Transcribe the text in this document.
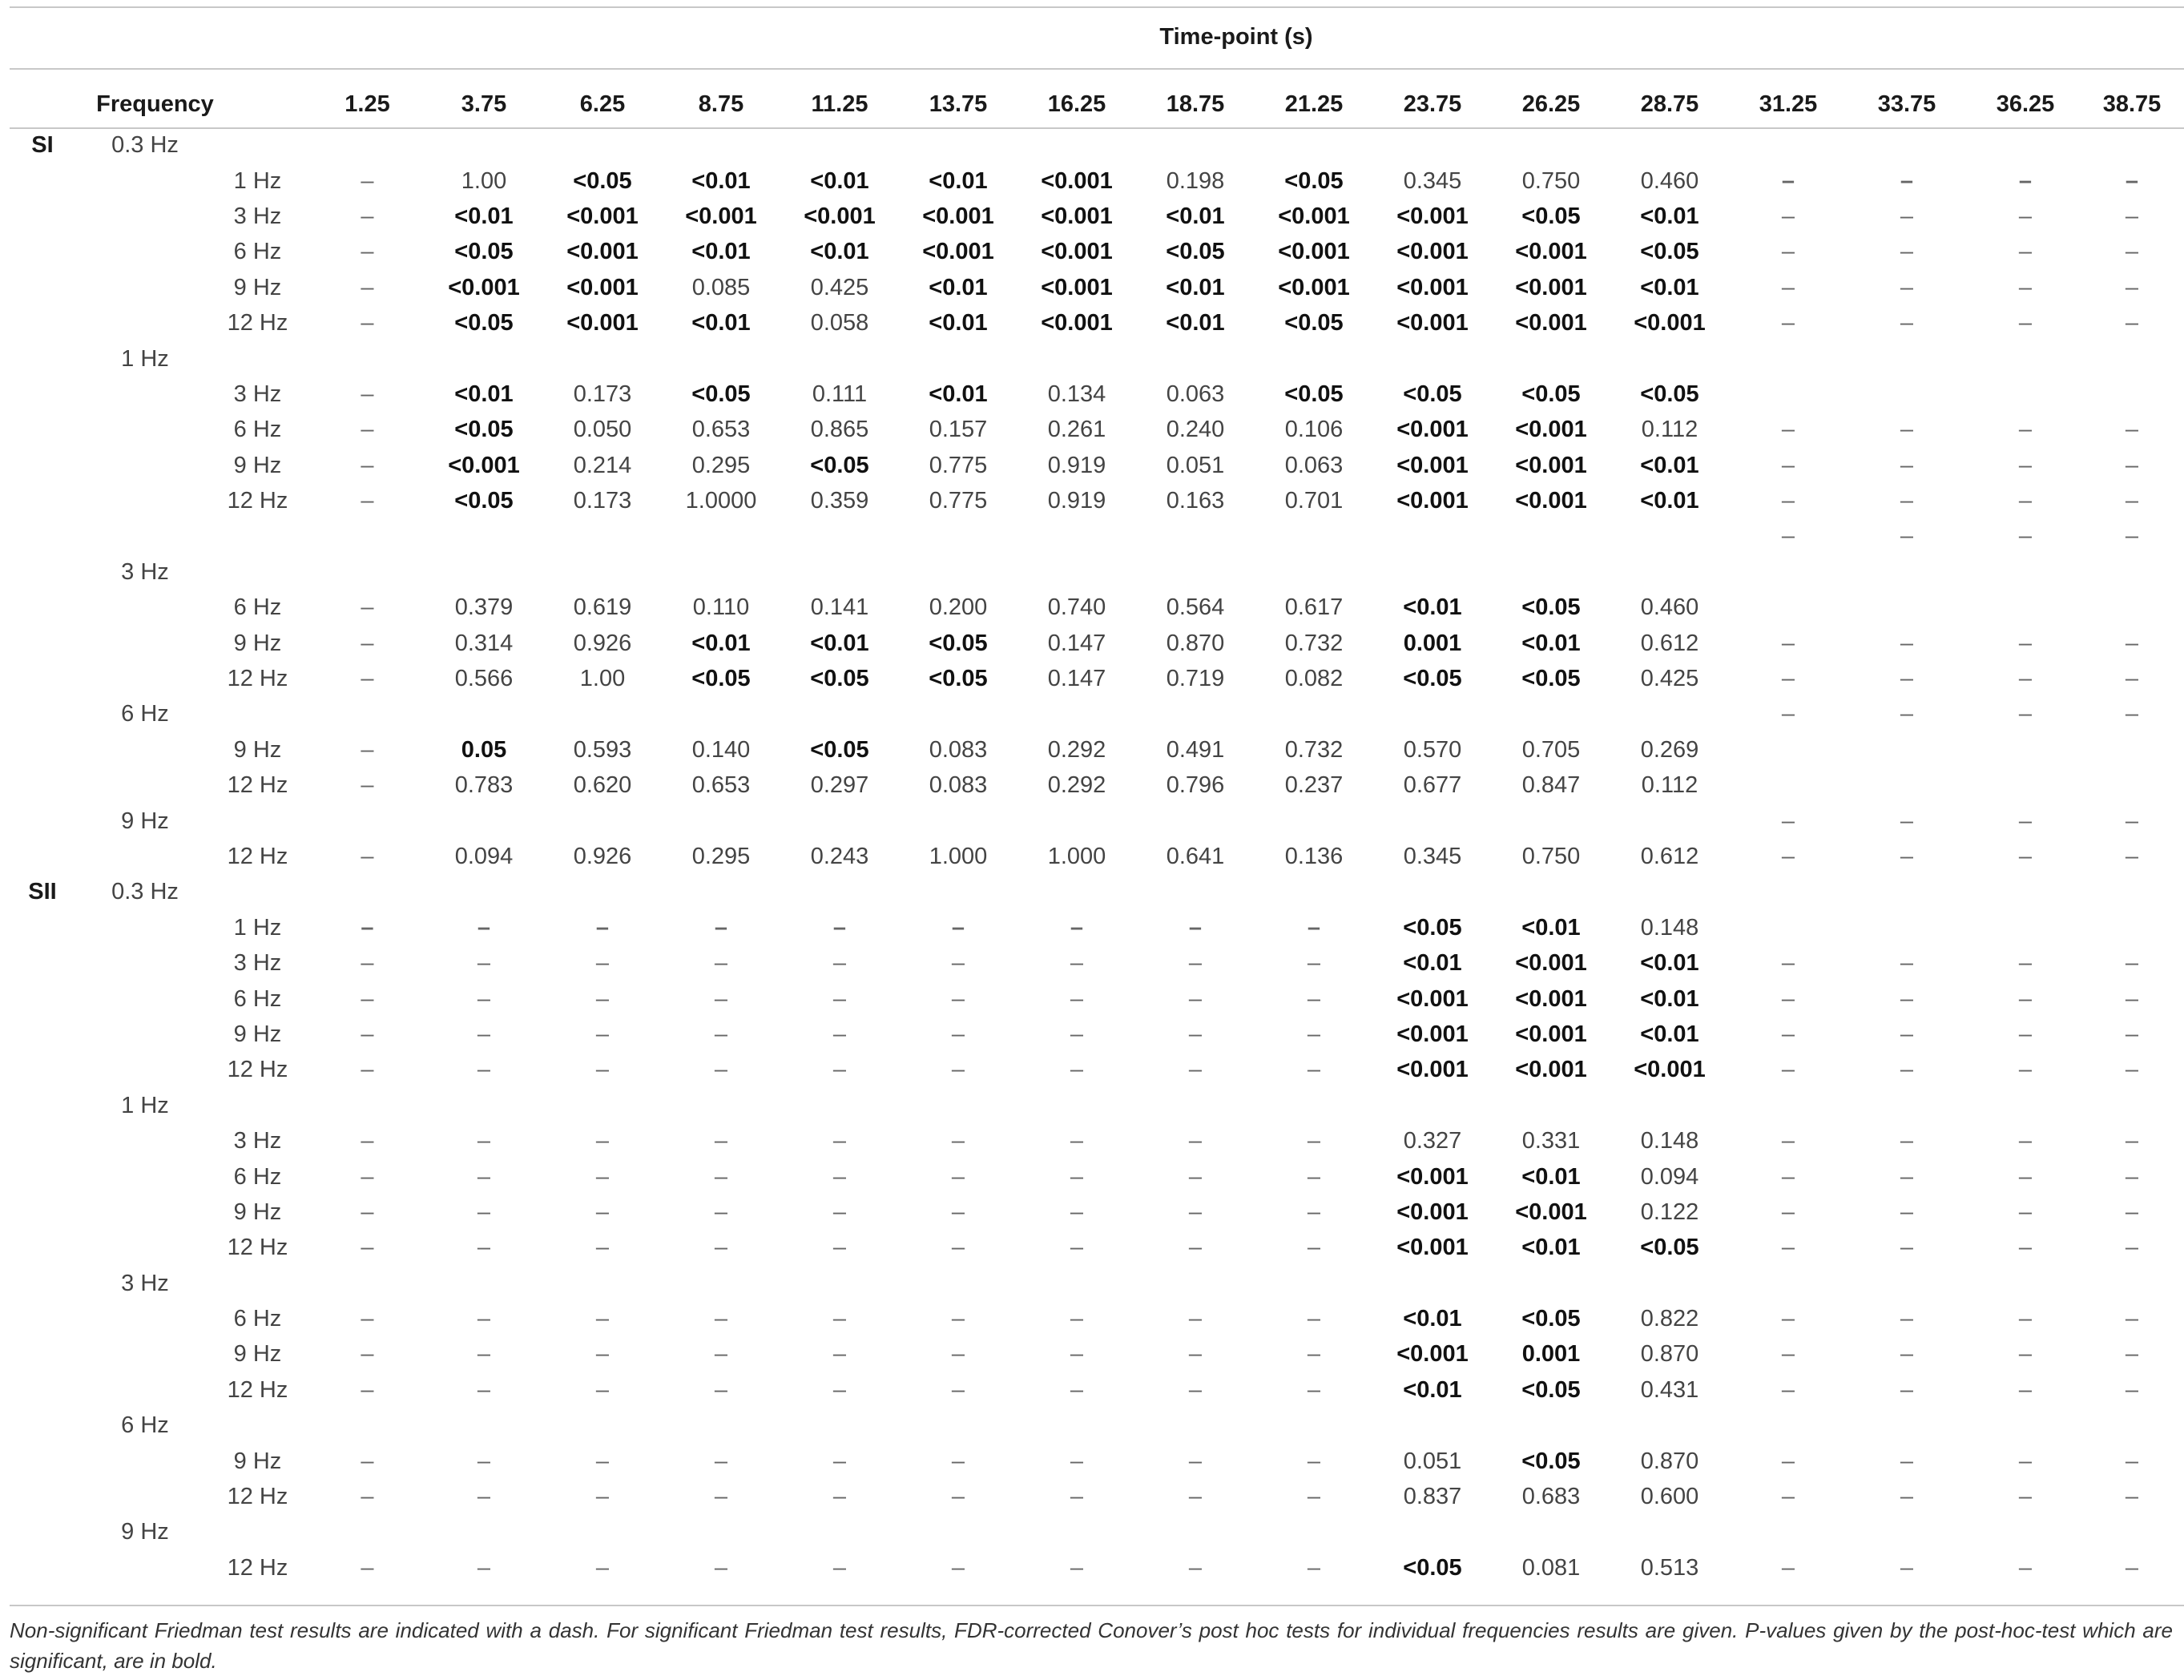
Time-point (s)
Frequency			1.25	3.75	6.25	8.75	11.25	13.75	16.25	18.75	21.25	23.75	26.25	28.75	31.25	33.75	36.25	38.75
SI	0.3 Hz																	
		1 Hz	–	1.00	<0.05	<0.01	<0.01	<0.01	<0.001	0.198	<0.05	0.345	0.750	0.460	–	–	–	–
		3 Hz	–	<0.01	<0.001	<0.001	<0.001	<0.001	<0.001	<0.01	<0.001	<0.001	<0.05	<0.01	–	–	–	–
		6 Hz	–	<0.05	<0.001	<0.01	<0.01	<0.001	<0.001	<0.05	<0.001	<0.001	<0.001	<0.05	–	–	–	–
		9 Hz	–	<0.001	<0.001	0.085	0.425	<0.01	<0.001	<0.01	<0.001	<0.001	<0.001	<0.01	–	–	–	–
		12 Hz	–	<0.05	<0.001	<0.01	0.058	<0.01	<0.001	<0.01	<0.05	<0.001	<0.001	<0.001	–	–	–	–
	1 Hz																	
		3 Hz	–	<0.01	0.173	<0.05	0.111	<0.01	0.134	0.063	<0.05	<0.05	<0.05	<0.05				
		6 Hz	–	<0.05	0.050	0.653	0.865	0.157	0.261	0.240	0.106	<0.001	<0.001	0.112	–	–	–	–
		9 Hz	–	<0.001	0.214	0.295	<0.05	0.775	0.919	0.051	0.063	<0.001	<0.001	<0.01	–	–	–	–
		12 Hz	–	<0.05	0.173	1.0000	0.359	0.775	0.919	0.163	0.701	<0.001	<0.001	<0.01	–	–	–	–
															–	–	–	–
	3 Hz																	
		6 Hz	–	0.379	0.619	0.110	0.141	0.200	0.740	0.564	0.617	<0.01	<0.05	0.460				
		9 Hz	–	0.314	0.926	<0.01	<0.01	<0.05	0.147	0.870	0.732	0.001	<0.01	0.612	–	–	–	–
		12 Hz	–	0.566	1.00	<0.05	<0.05	<0.05	0.147	0.719	0.082	<0.05	<0.05	0.425	–	–	–	–
	6 Hz														–	–	–	–
		9 Hz	–	0.05	0.593	0.140	<0.05	0.083	0.292	0.491	0.732	0.570	0.705	0.269				
		12 Hz	–	0.783	0.620	0.653	0.297	0.083	0.292	0.796	0.237	0.677	0.847	0.112				
	9 Hz														–	–	–	–
		12 Hz	–	0.094	0.926	0.295	0.243	1.000	1.000	0.641	0.136	0.345	0.750	0.612	–	–	–	–
SII	0.3 Hz																	
		1 Hz	–	–	–	–	–	–	–	–	–	<0.05	<0.01	0.148				
		3 Hz	–	–	–	–	–	–	–	–	–	<0.01	<0.001	<0.01	–	–	–	–
		6 Hz	–	–	–	–	–	–	–	–	–	<0.001	<0.001	<0.01	–	–	–	–
		9 Hz	–	–	–	–	–	–	–	–	–	<0.001	<0.001	<0.01	–	–	–	–
		12 Hz	–	–	–	–	–	–	–	–	–	<0.001	<0.001	<0.001	–	–	–	–
	1 Hz																	
		3 Hz	–	–	–	–	–	–	–	–	–	0.327	0.331	0.148	–	–	–	–
		6 Hz	–	–	–	–	–	–	–	–	–	<0.001	<0.01	0.094	–	–	–	–
		9 Hz	–	–	–	–	–	–	–	–	–	<0.001	<0.001	0.122	–	–	–	–
		12 Hz	–	–	–	–	–	–	–	–	–	<0.001	<0.01	<0.05	–	–	–	–
	3 Hz																	
		6 Hz	–	–	–	–	–	–	–	–	–	<0.01	<0.05	0.822	–	–	–	–
		9 Hz	–	–	–	–	–	–	–	–	–	<0.001	0.001	0.870	–	–	–	–
		12 Hz	–	–	–	–	–	–	–	–	–	<0.01	<0.05	0.431	–	–	–	–
	6 Hz																	
		9 Hz	–	–	–	–	–	–	–	–	–	0.051	<0.05	0.870	–	–	–	–
		12 Hz	–	–	–	–	–	–	–	–	–	0.837	0.683	0.600	–	–	–	–
	9 Hz																	
		12 Hz	–	–	–	–	–	–	–	–	–	<0.05	0.081	0.513	–	–	–	–
Non-significant Friedman test results are indicated with a dash. For significant Friedman test results, FDR-corrected Conover’s post hoc tests for individual frequencies results are given. P-values given by the post-hoc-test which are significant, are in bold.
